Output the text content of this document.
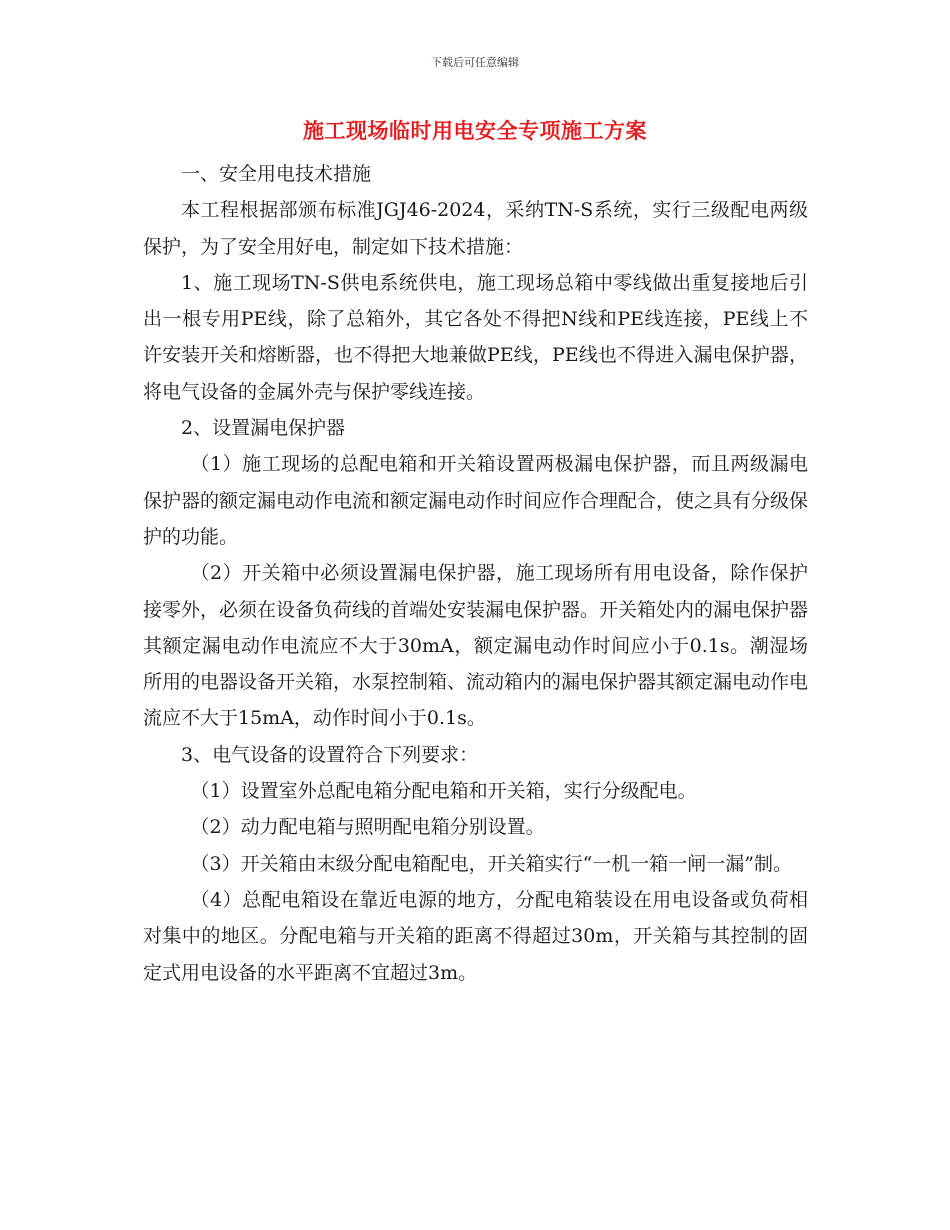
下载后可任意编辑
施工现场临时用电安全专项施工方案

一、安全用电技术措施

本工程根据部颁布标准JGJ46-2024，采纳TN-S系统，实行三级配电两级保护，为了安全用好电，制定如下技术措施：

1、施工现场TN-S供电系统供电，施工现场总箱中零线做出重复接地后引出一根专用PE线，除了总箱外，其它各处不得把N线和PE线连接，PE线上不许安装开关和熔断器，也不得把大地兼做PE线，PE线也不得进入漏电保护器，将电气设备的金属外壳与保护零线连接。

2、设置漏电保护器

（1）施工现场的总配电箱和开关箱设置两极漏电保护器，而且两级漏电保护器的额定漏电动作电流和额定漏电动作时间应作合理配合，使之具有分级保护的功能。

（2）开关箱中必须设置漏电保护器，施工现场所有用电设备，除作保护接零外，必须在设备负荷线的首端处安装漏电保护器。开关箱处内的漏电保护器其额定漏电动作电流应不大于30mA，额定漏电动作时间应小于0.1s。潮湿场所用的电器设备开关箱，水泵控制箱、流动箱内的漏电保护器其额定漏电动作电流应不大于15mA，动作时间小于0.1s。

3、电气设备的设置符合下列要求：

（1）设置室外总配电箱分配电箱和开关箱，实行分级配电。

（2）动力配电箱与照明配电箱分别设置。

（3）开关箱由末级分配电箱配电，开关箱实行“一机一箱一闸一漏”制。

（4）总配电箱设在靠近电源的地方，分配电箱装设在用电设备或负荷相对集中的地区。分配电箱与开关箱的距离不得超过30m，开关箱与其控制的固定式用电设备的水平距离不宜超过3m。
